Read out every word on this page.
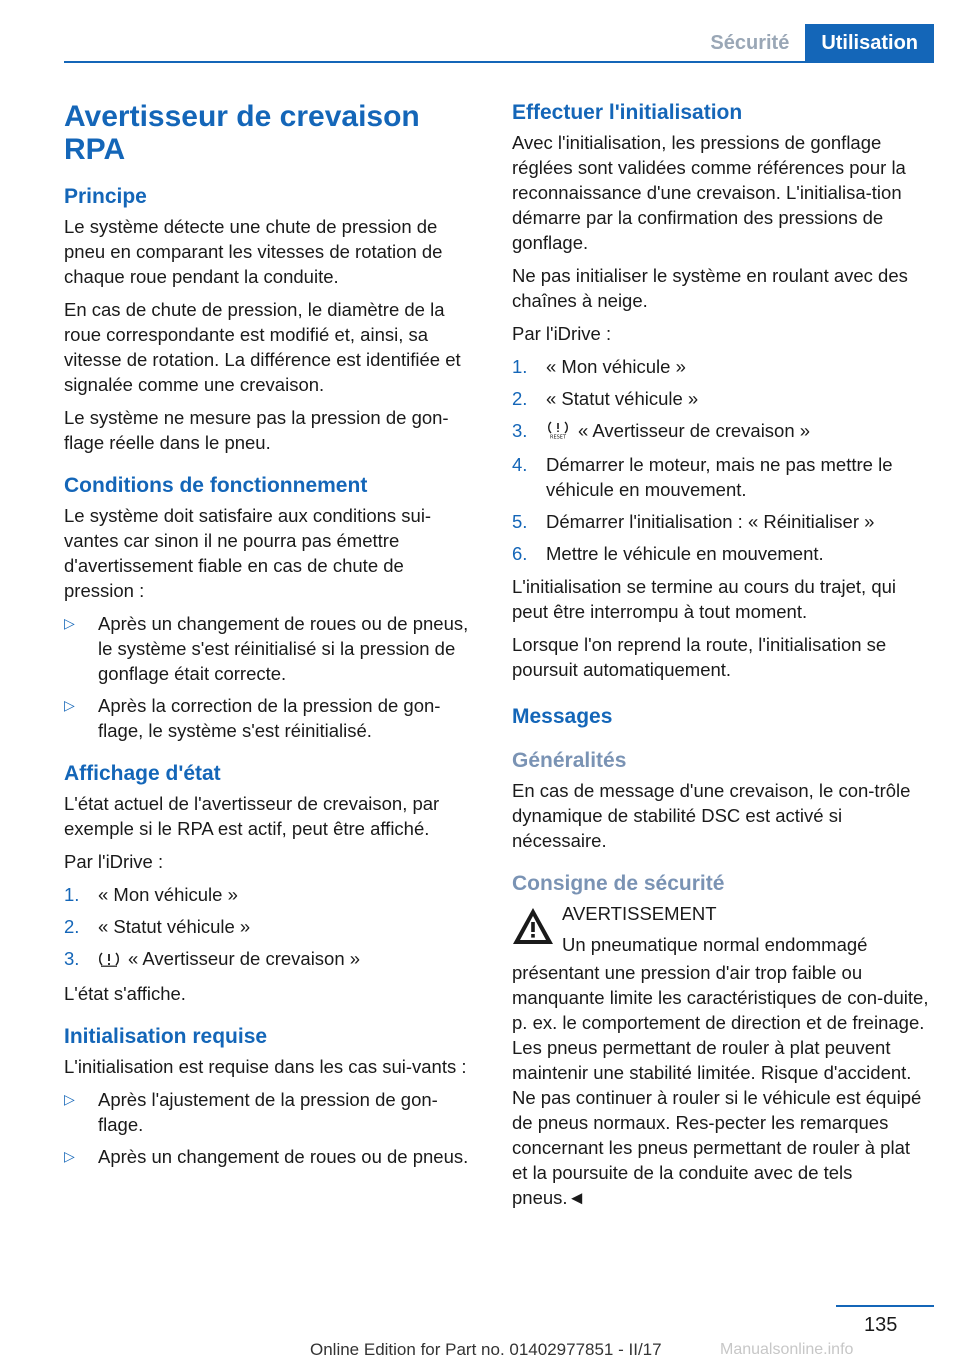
Sécurité	Utilisation
Avertisseur de crevaison
RPA
Principe

Le système détecte une chute de pression de pneu en comparant les vitesses de rotation de chaque roue pendant la conduite.

En cas de chute de pression, le diamètre de la roue correspondante est modifié et, ainsi, sa vitesse de rotation. La différence est identifiée et signalée comme une crevaison.

Le système ne mesure pas la pression de gon‐flage réelle dans le pneu.

Conditions de fonctionnement

Le système doit satisfaire aux conditions sui‐vantes car sinon il ne pourra pas émettre d'avertissement fiable en cas de chute de pression :

▷	Après un changement de roues ou de pneus, le système s'est réinitialisé si la pression de gonflage était correcte.
▷	Après la correction de la pression de gon‐flage, le système s'est réinitialisé.
Affichage d'état

L'état actuel de l'avertisseur de crevaison, par exemple si le RPA est actif, peut être affiché.

Par l'iDrive :

1.	« Mon véhicule »
2.	« Statut véhicule »
3.	« Avertisseur de crevaison »

L'état s'affiche.

Initialisation requise

L'initialisation est requise dans les cas sui‐vants :

▷	Après l'ajustement de la pression de gon‐flage.
▷	Après un changement de roues ou de pneus.
Effectuer l'initialisation

Avec l'initialisation, les pressions de gonflage réglées sont validées comme références pour la reconnaissance d'une crevaison. L'initialisa‐tion démarre par la confirmation des pressions de gonflage.

Ne pas initialiser le système en roulant avec des chaînes à neige.

Par l'iDrive :

1.	« Mon véhicule »
2.	« Statut véhicule »
3.	RESET « Avertisseur de crevaison »
4.	Démarrer le moteur, mais ne pas mettre le véhicule en mouvement.
5.	Démarrer l'initialisation : « Réinitialiser »
6.	Mettre le véhicule en mouvement.

L'initialisation se termine au cours du trajet, qui peut être interrompu à tout moment.

Lorsque l'on reprend la route, l'initialisation se poursuit automatiquement.

Messages
Généralités

En cas de message d'une crevaison, le con‐trôle dynamique de stabilité DSC est activé si nécessaire.

Consigne de sécurité
AVERTISSEMENT
Un pneumatique normal endommagé
présentant une pression d'air trop faible ou manquante limite les caractéristiques de con‐duite, p. ex. le comportement de direction et de freinage. Les pneus permettant de rouler à plat peuvent maintenir une stabilité limitée. Risque d'accident. Ne pas continuer à rouler si le véhicule est équipé de pneus normaux. Res‐pecter les remarques concernant les pneus permettant de rouler à plat et la poursuite de la conduite avec de tels pneus.◄
135
Online Edition for Part no. 01402977851 - II/17	Manualsonline.info
